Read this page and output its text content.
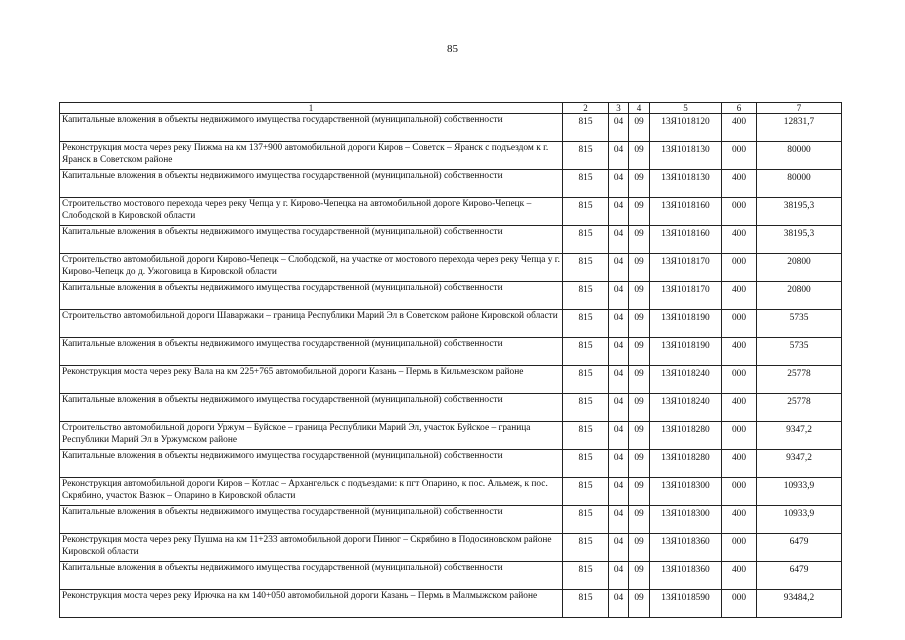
85
1	2	3	4	5	6	7
Капитальные вложения в объекты недвижимого имущества государственной (муниципальной) собственности	815	04	09	13Я1018120	400	12831,7
Реконструкция моста через реку Пижма на км 137+900 автомобильной дороги Киров – Советск – Яранск с подъездом к г. Яранск в Советском районе	815	04	09	13Я1018130	000	80000
Капитальные вложения в объекты недвижимого имущества государственной (муниципальной) собственности	815	04	09	13Я1018130	400	80000
Строительство мостового перехода через реку Чепца у г. Кирово-Чепецка на автомобильной дороге Кирово-Чепецк – Слободской в Кировской области	815	04	09	13Я1018160	000	38195,3
Капитальные вложения в объекты недвижимого имущества государственной (муниципальной) собственности	815	04	09	13Я1018160	400	38195,3
Строительство автомобильной дороги Кирово-Чепецк – Слободской, на участке от мостового перехода через реку Чепца у г. Кирово-Чепецк до д. Ужоговица в Кировской области	815	04	09	13Я1018170	000	20800
Капитальные вложения в объекты недвижимого имущества государственной (муниципальной) собственности	815	04	09	13Я1018170	400	20800
Строительство автомобильной дороги Шаваржаки – граница Республики Марий Эл в Советском районе Кировской области	815	04	09	13Я1018190	000	5735
Капитальные вложения в объекты недвижимого имущества государственной (муниципальной) собственности	815	04	09	13Я1018190	400	5735
Реконструкция моста через реку Вала на км 225+765 автомобильной дороги Казань – Пермь в Кильмезском районе	815	04	09	13Я1018240	000	25778
Капитальные вложения в объекты недвижимого имущества государственной (муниципальной) собственности	815	04	09	13Я1018240	400	25778
Строительство автомобильной дороги Уржум – Буйское – граница Республики Марий Эл, участок Буйское – граница Республики Марий Эл в Уржумском районе	815	04	09	13Я1018280	000	9347,2
Капитальные вложения в объекты недвижимого имущества государственной (муниципальной) собственности	815	04	09	13Я1018280	400	9347,2
Реконструкция автомобильной дороги Киров – Котлас – Архангельск с подъездами: к пгт Опарино, к пос. Альмеж, к пос. Скрябино, участок Вазюк – Опарино в Кировской области	815	04	09	13Я1018300	000	10933,9
Капитальные вложения в объекты недвижимого имущества государственной (муниципальной) собственности	815	04	09	13Я1018300	400	10933,9
Реконструкция моста через реку Пушма на км 11+233 автомобильной дороги Пинюг – Скрябино в Подосиновском районе Кировской области	815	04	09	13Я1018360	000	6479
Капитальные вложения в объекты недвижимого имущества государственной (муниципальной) собственности	815	04	09	13Я1018360	400	6479
Реконструкция моста через реку Ирючка на км 140+050 автомобильной дороги Казань – Пермь в Малмыжском районе	815	04	09	13Я1018590	000	93484,2
